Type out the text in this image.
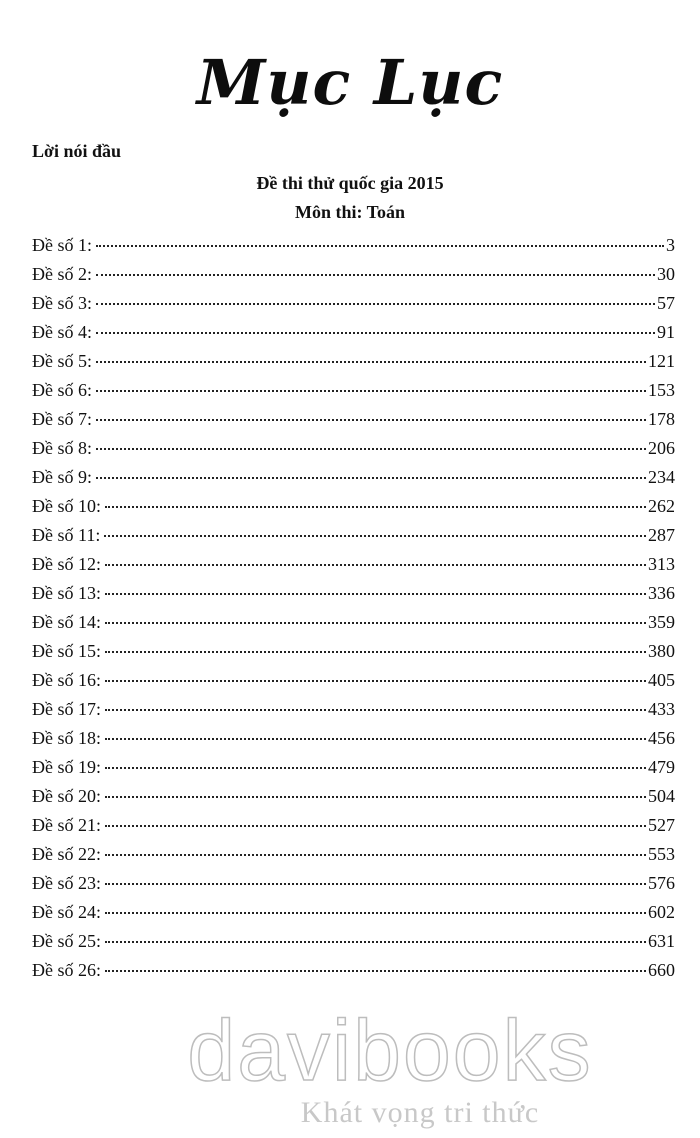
Mục Lục
Lời nói đầu
Đề thi thử quốc gia 2015
Môn thi: Toán
Đề số 1:	3
Đề số 2:	30
Đề số 3:	57
Đề số 4:	91
Đề số 5:	121
Đề số 6:	153
Đề số 7:	178
Đề số 8:	206
Đề số 9:	234
Đề số 10:	262
Đề số 11:	287
Đề số 12:	313
Đề số 13:	336
Đề số 14:	359
Đề số 15:	380
Đề số 16:	405
Đề số 17:	433
Đề số 18:	456
Đề số 19:	479
Đề số 20:	504
Đề số 21:	527
Đề số 22:	553
Đề số 23:	576
Đề số 24:	602
Đề số 25:	631
Đề số 26:	660
davibooks
Khát vọng tri thức
